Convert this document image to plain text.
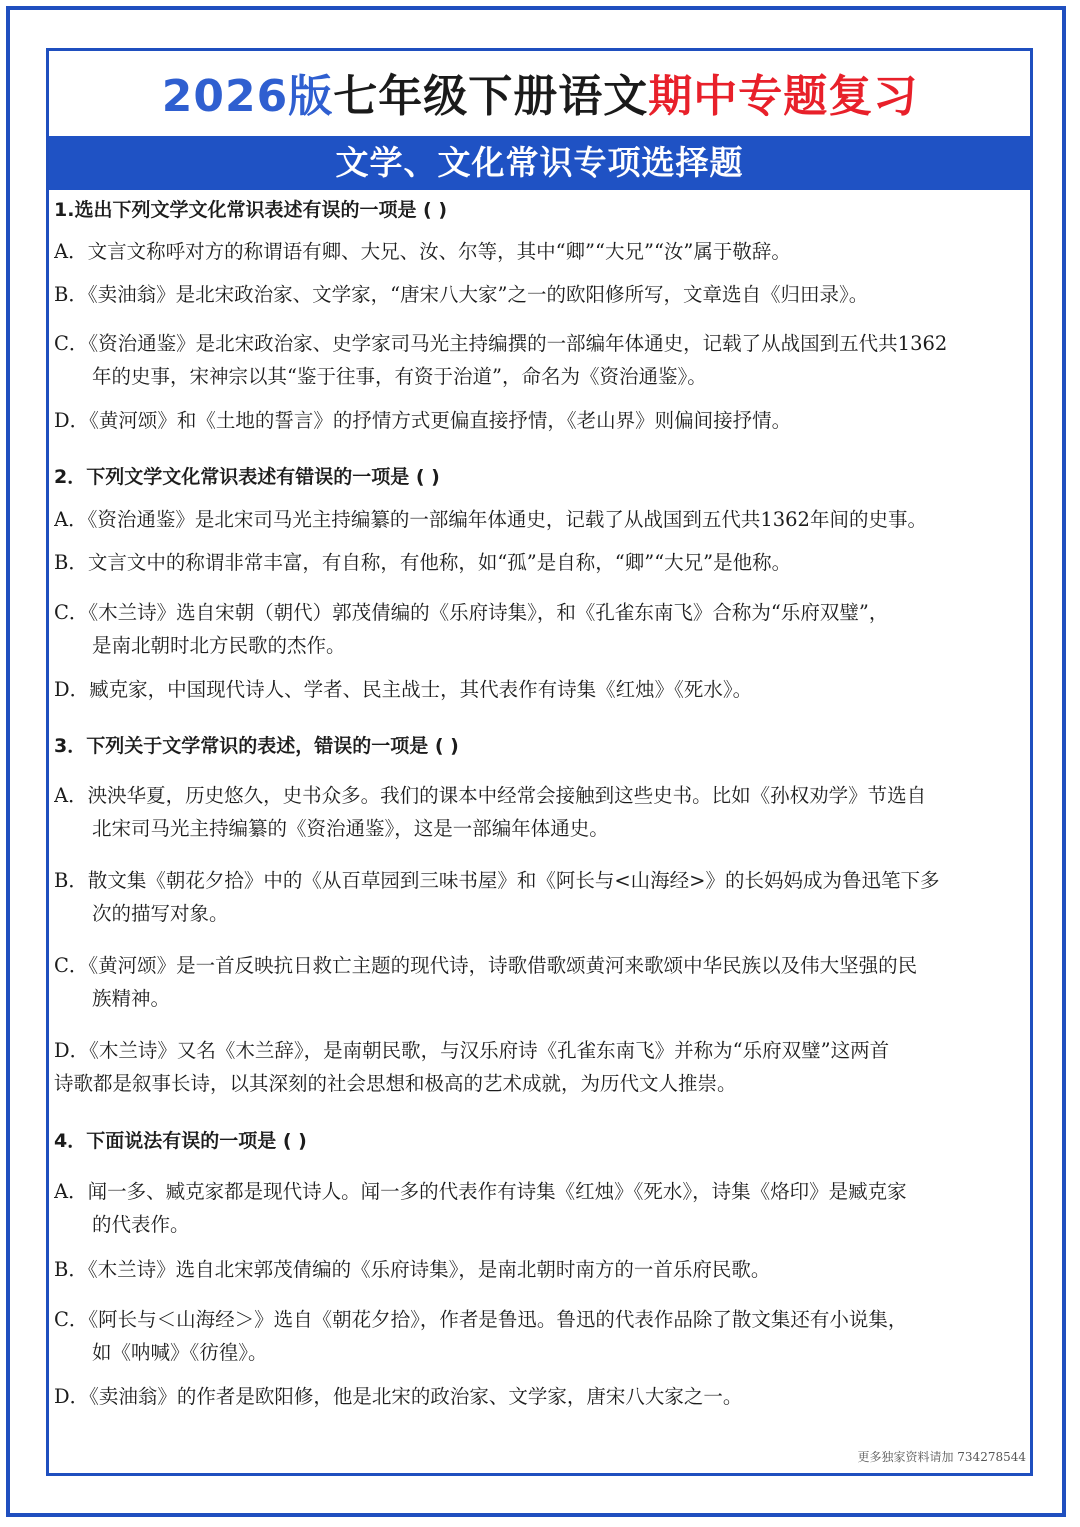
2026版七年级下册语文期中专题复习
文学、文化常识专项选择题
1.选出下列文学文化常识表述有误的一项是 ( )
A．文言文称呼对方的称谓语有卿、大兄、汝、尔等，其中“卿”“大兄”“汝”属于敬辞。
B．《卖油翁》是北宋政治家、文学家，“唐宋八大家”之一的欧阳修所写，文章选自《归田录》。
C．《资治通鉴》是北宋政治家、史学家司马光主持编撰的一部编年体通史，记载了从战国到五代共1362
年的史事，宋神宗以其“鉴于往事，有资于治道”，命名为《资治通鉴》。
D．《黄河颂》和《土地的誓言》的抒情方式更偏直接抒情，《老山界》则偏间接抒情。
2．下列文学文化常识表述有错误的一项是 ( )
A．《资治通鉴》是北宋司马光主持编纂的一部编年体通史，记载了从战国到五代共1362年间的史事。
B．文言文中的称谓非常丰富，有自称，有他称，如“孤”是自称，“卿”“大兄”是他称。
C．《木兰诗》选自宋朝（朝代）郭茂倩编的《乐府诗集》，和《孔雀东南飞》合称为“乐府双璧”，
是南北朝时北方民歌的杰作。
D．臧克家，中国现代诗人、学者、民主战士，其代表作有诗集《红烛》《死水》。
3．下列关于文学常识的表述，错误的一项是 ( )
A．泱泱华夏，历史悠久，史书众多。我们的课本中经常会接触到这些史书。比如《孙权劝学》节选自
北宋司马光主持编纂的《资治通鉴》，这是一部编年体通史。
B．散文集《朝花夕拾》中的《从百草园到三味书屋》和《阿长与<山海经>》的长妈妈成为鲁迅笔下多
次的描写对象。
C．《黄河颂》是一首反映抗日救亡主题的现代诗，诗歌借歌颂黄河来歌颂中华民族以及伟大坚强的民
族精神。
D．《木兰诗》又名《木兰辞》，是南朝民歌，与汉乐府诗《孔雀东南飞》并称为“乐府双璧”这两首
诗歌都是叙事长诗，以其深刻的社会思想和极高的艺术成就，为历代文人推崇。
4．下面说法有误的一项是 ( )
A．闻一多、臧克家都是现代诗人。闻一多的代表作有诗集《红烛》《死水》，诗集《烙印》是臧克家
的代表作。
B．《木兰诗》选自北宋郭茂倩编的《乐府诗集》，是南北朝时南方的一首乐府民歌。
C．《阿长与＜山海经＞》选自《朝花夕拾》，作者是鲁迅。鲁迅的代表作品除了散文集还有小说集，
如《呐喊》《彷徨》。
D．《卖油翁》的作者是欧阳修，他是北宋的政治家、文学家，唐宋八大家之一。
更多独家资料请加 734278544
